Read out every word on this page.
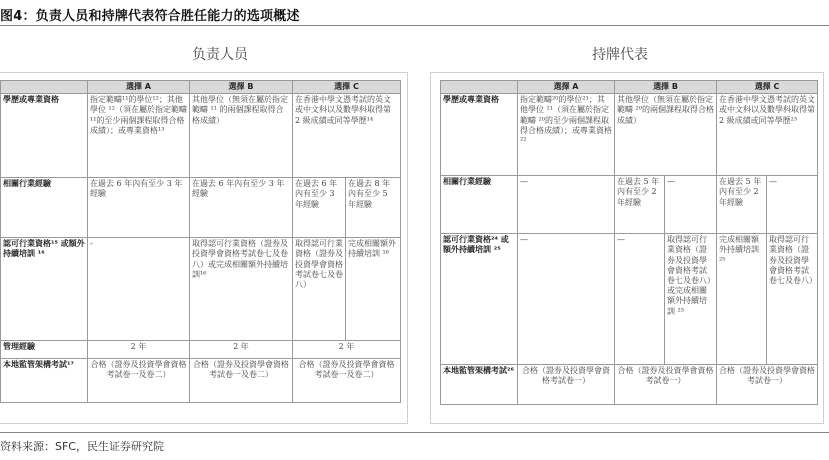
图4：负责人员和持牌代表符合胜任能力的选项概述
负责人员
	選擇 A	選擇 B	選擇 C	
學歷或專業資格	指定範疇¹¹的學位¹²；其他學位 ¹²（須在屬於指定範疇 ¹¹的至少兩個課程取得合格成績）；或專業資格¹³	其他學位（無須在屬於指定範疇 ¹¹ 的兩個課程取得合格成績）	在香港中學文憑考試的英文或中文科以及數學科取得第 2 級成績或同等學歷¹⁴	
相關行業經驗	在過去 6 年內有至少 3 年經驗	在過去 6 年內有至少 3 年經驗	在過去 6 年內有至少 3 年經驗	在過去 8 年內有至少 5 年經驗
認可行業資格¹⁵ 或額外持續培訓 ¹⁶	-	取得認可行業資格（證券及投資學會資格考試卷七及卷八）或完成相關額外持續培訓¹⁶	取得認可行業資格（證券及投資學會資格考試卷七及卷八）	完成相關額外持續培訓 ¹⁶
管理經驗	2 年	2 年	2 年	
本地監管架構考試¹⁷	合格（證券及投資學會資格考試卷一及卷二）	合格（證券及投資學會資格考試卷一及卷二）	合格（證券及投資學會資格考試卷一及卷二）	
持牌代表
	選擇 A	選擇 B		選擇 C	
學歷或專業資格	指定範疇²⁰的學位²¹；其他學位 ²¹（須在屬於指定範疇 ²⁰的至少兩個課程取得合格成績）；或專業資格²²	其他學位（無須在屬於指定範疇 ²⁰的兩個課程取得合格成績）		在香港中學文憑考試的英文或中文科以及數學科取得第 2 級成績或同等學歷²³	
相關行業經驗	—	在過去 5 年內有至少 2 年經驗	—	在過去 5 年內有至少 2 年經驗	—
認可行業資格²⁴ 或額外持續培訓 ²⁵	—	—	取得認可行業資格（證券及投資學會資格考試卷七及卷八）或完成相關額外持續培訓 ²⁵	完成相關額外持續培訓 ²⁵	取得認可行業資格（證券及投資學會資格考試卷七及卷八）
本地監管架構考試²⁶	合格（證券及投資學會資格考試卷一）	合格（證券及投資學會資格考試卷一）		合格（證券及投資學會資格考試卷一）	
资料来源：SFC，民生证券研究院
